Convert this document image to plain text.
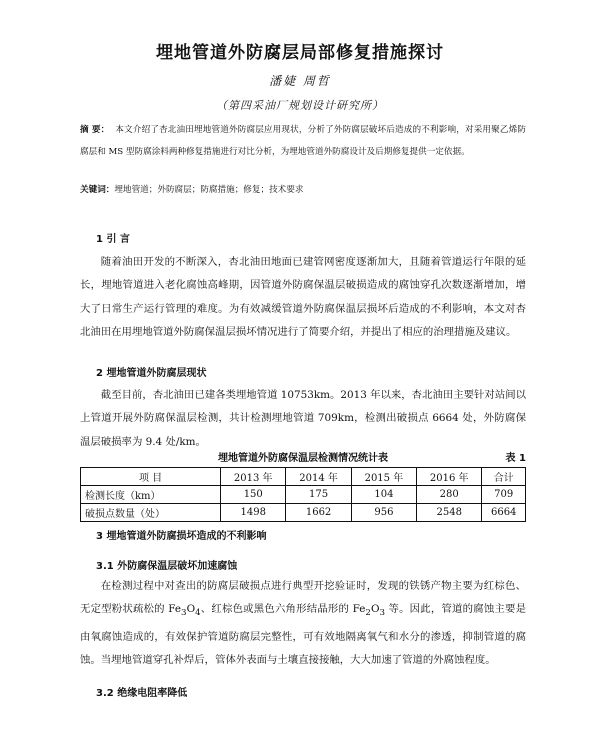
埋地管道外防腐层局部修复措施探讨
潘婕 周哲
（第四采油厂规划设计研究所）

摘 要： 本文介绍了杏北油田埋地管道外防腐层应用现状，分析了外防腐层破坏后造成的不利影响，对采用聚乙烯防腐层和 MS 型防腐涂料两种修复措施进行对比分析，为埋地管道外防腐设计及后期修复提供一定依据。

关键词：埋地管道；外防腐层；防腐措施；修复；技术要求

1 引 言

随着油田开发的不断深入，杏北油田地面已建管网密度逐渐加大，且随着管道运行年限的延长，埋地管道进入老化腐蚀高峰期，因管道外防腐保温层破损造成的腐蚀穿孔次数逐渐增加，增大了日常生产运行管理的难度。为有效减缓管道外防腐保温层损坏后造成的不利影响，本文对杏北油田在用埋地管道外防腐保温层损坏情况进行了简要介绍，并提出了相应的治理措施及建议。

2 埋地管道外防腐层现状

截至目前，杏北油田已建各类埋地管道 10753km。2013 年以来，杏北油田主要针对站间以上管道开展外防腐保温层检测，共计检测埋地管道 709km，检测出破损点 6664 处，外防腐保温层破损率为 9.4 处/km。

埋地管道外防腐保温层检测情况统计表	表 1
项 目	2013 年	2014 年	2015 年	2016 年	合计
检测长度（km）	150	175	104	280	709
破损点数量（处）	1498	1662	956	2548	6664
3 埋地管道外防腐损坏造成的不利影响
3.1 外防腐保温层破坏加速腐蚀

在检测过程中对查出的防腐层破损点进行典型开挖验证时，发现的铁锈产物主要为红棕色、无定型粉状疏松的 $Fe_3O_4$、红棕色或黑色六角形结晶形的 $Fe_2O_3$ 等。因此，管道的腐蚀主要是由氧腐蚀造成的，有效保护管道防腐层完整性，可有效地隔离氧气和水分的渗透，抑制管道的腐蚀。当埋地管道穿孔补焊后，管体外表面与土壤直接接触，大大加速了管道的外腐蚀程度。

3.2 绝缘电阻率降低
